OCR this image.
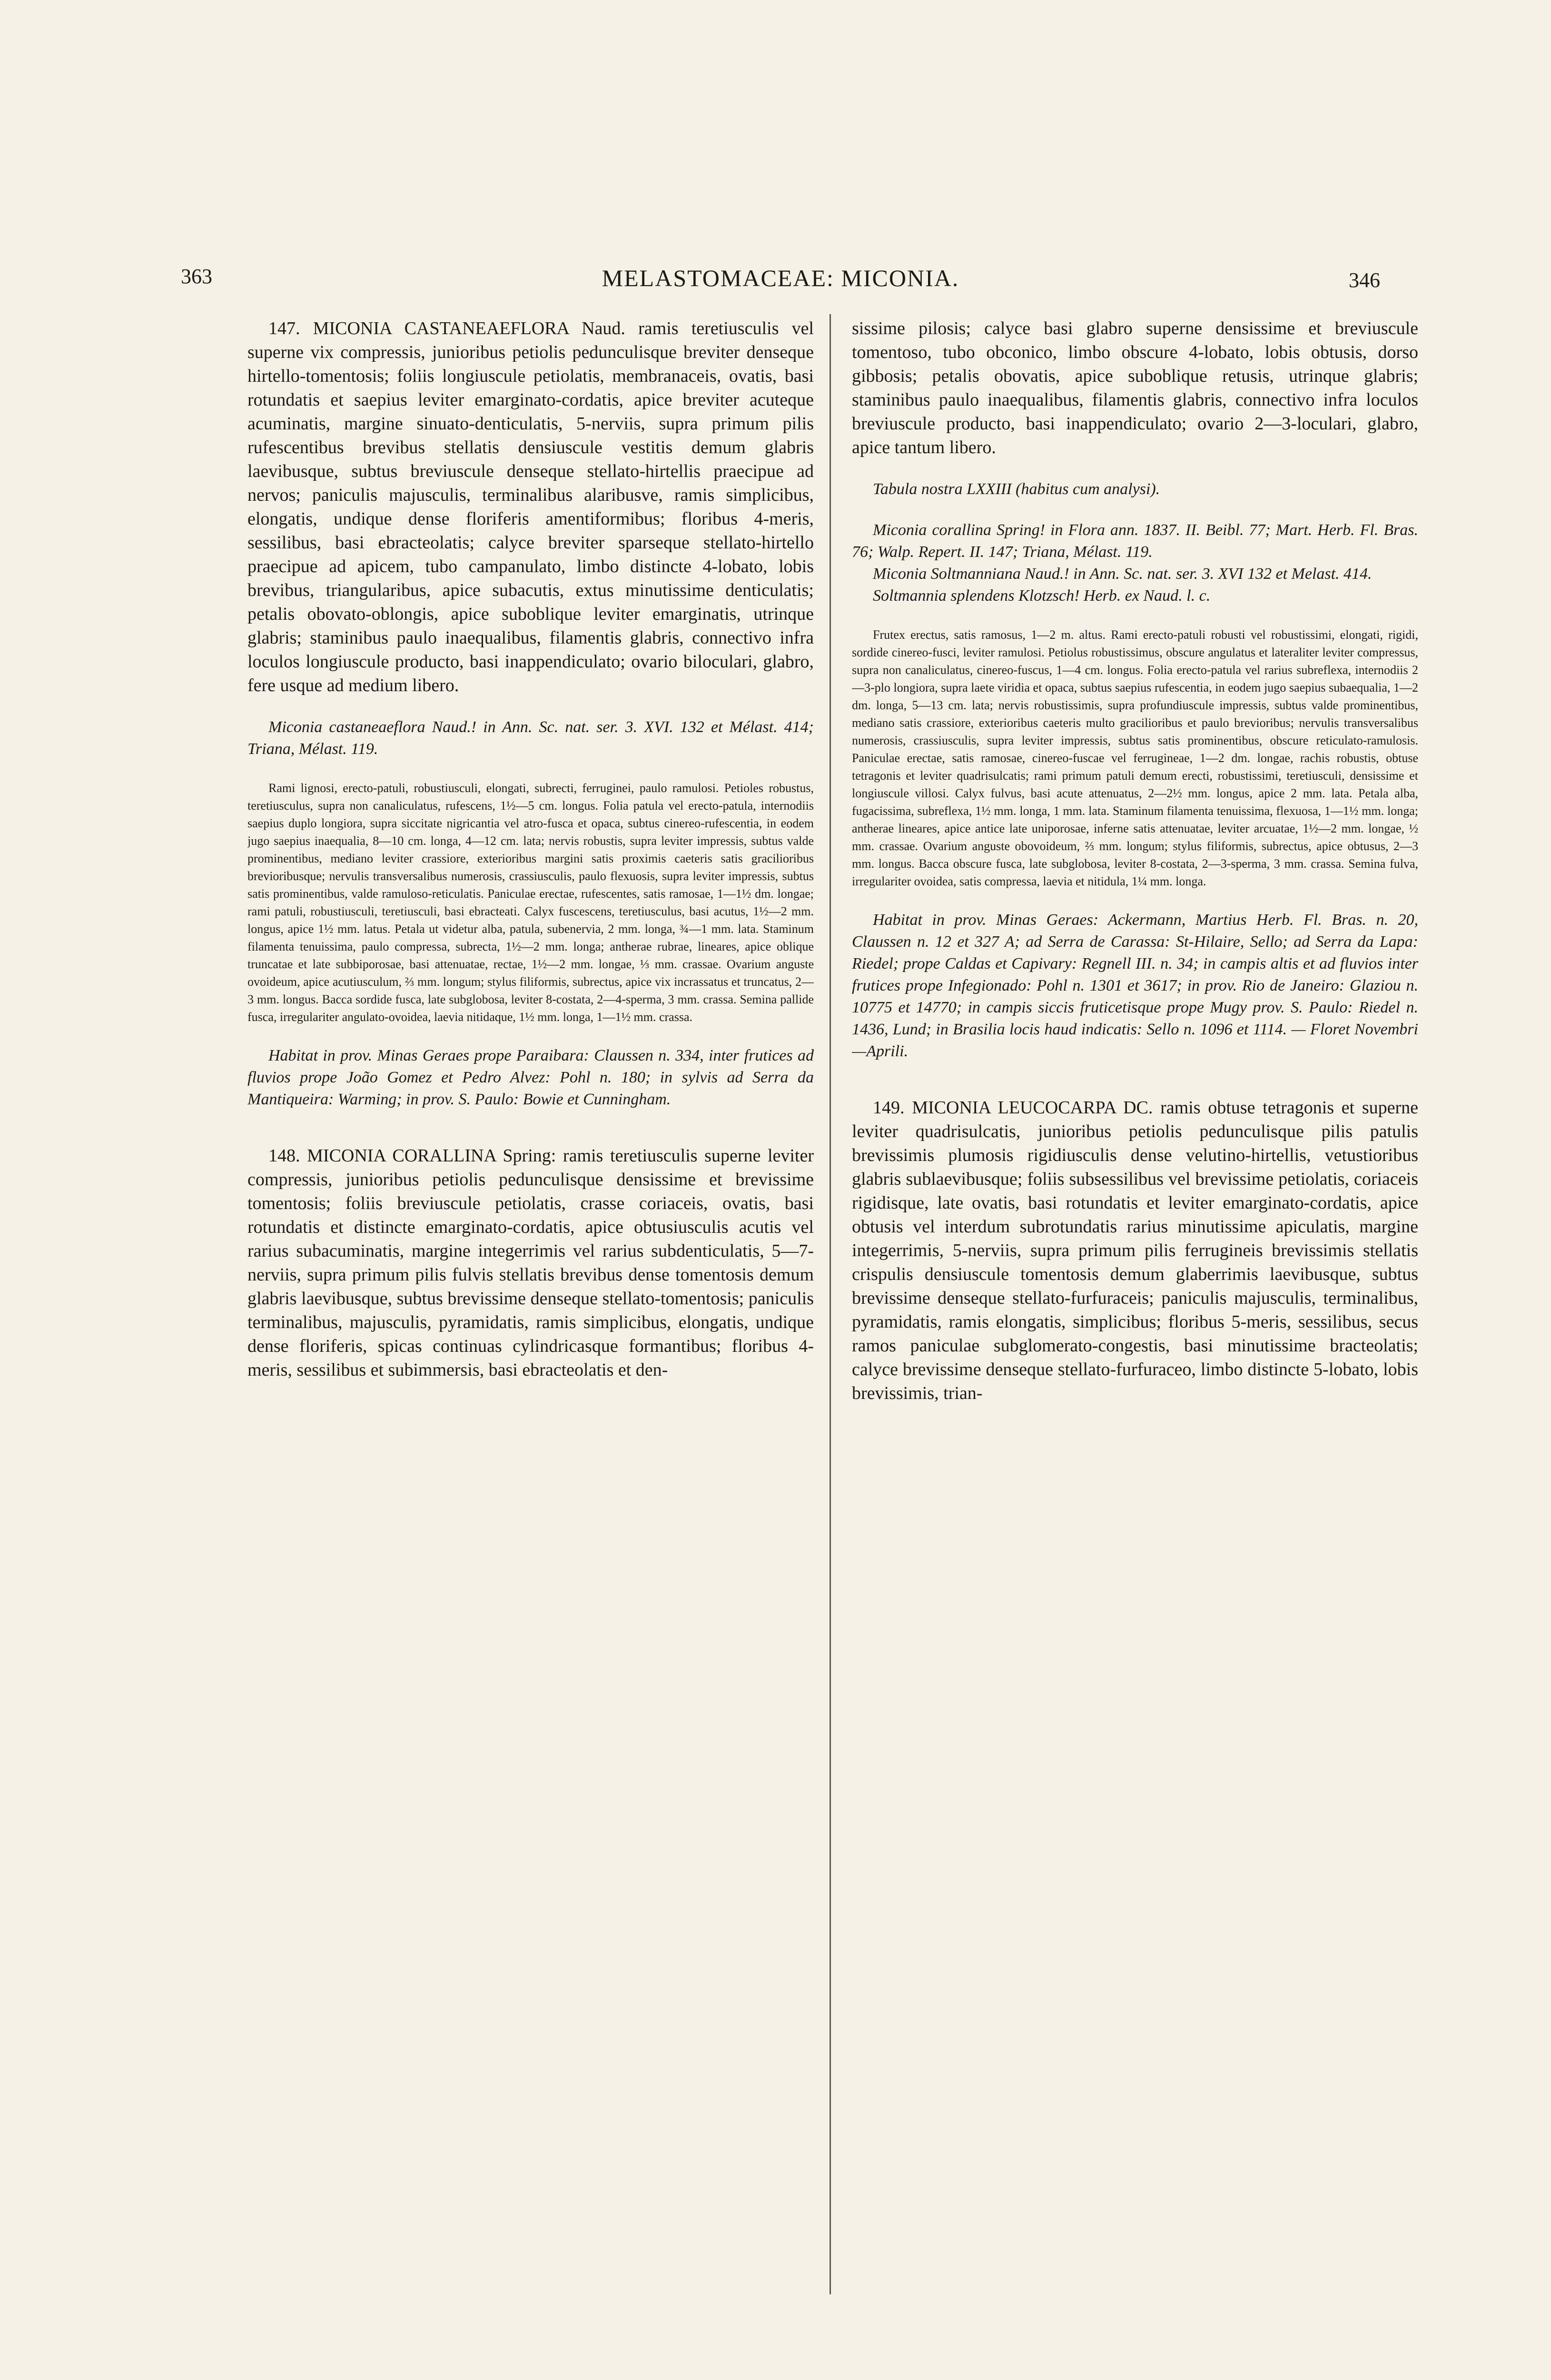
363	MELASTOMACEAE: MICONIA.	346

147. MICONIA CASTANEAEFLORA Naud. ramis teretiusculis vel superne vix compressis, junioribus petiolis pedunculisque breviter denseque hirtello-tomentosis; foliis longiuscule petiolatis, membranaceis, ovatis, basi rotundatis et saepius leviter emarginato-cordatis, apice breviter acuteque acuminatis, margine sinuato-denticulatis, 5-nerviis, supra primum pilis rufescentibus brevibus stellatis densiuscule vestitis demum glabris laevibusque, subtus breviuscule denseque stellato-hirtellis praecipue ad nervos; paniculis majusculis, terminalibus alaribusve, ramis simplicibus, elongatis, undique dense floriferis amentiformibus; floribus 4-meris, sessilibus, basi ebracteolatis; calyce breviter sparseque stellato-hirtello praecipue ad apicem, tubo campanulato, limbo distincte 4-lobato, lobis brevibus, triangularibus, apice subacutis, extus minutissime denticulatis; petalis obovato-oblongis, apice suboblique leviter emarginatis, utrinque glabris; staminibus paulo inaequalibus, filamentis glabris, connectivo infra loculos longiuscule producto, basi inappendiculato; ovario biloculari, glabro, fere usque ad medium libero.

Miconia castaneaeflora Naud.! in Ann. Sc. nat. ser. 3. XVI. 132 et Mélast. 414; Triana, Mélast. 119.

Rami lignosi, erecto-patuli, robustiusculi, elongati, subrecti, ferruginei, paulo ramulosi. Petioles robustus, teretiusculus, supra non canaliculatus, rufescens, 1½—5 cm. longus. Folia patula vel erecto-patula, internodiis saepius duplo longiora, supra siccitate nigricantia vel atro-fusca et opaca, subtus cinereo-rufescentia, in eodem jugo saepius inaequalia, 8—10 cm. longa, 4—12 cm. lata; nervis robustis, supra leviter impressis, subtus valde prominentibus, mediano leviter crassiore, exterioribus margini satis proximis caeteris satis gracilioribus brevioribusque; nervulis transversalibus numerosis, crassiusculis, paulo flexuosis, supra leviter impressis, subtus satis prominentibus, valde ramuloso-reticulatis. Paniculae erectae, rufescentes, satis ramosae, 1—1½ dm. longae; rami patuli, robustiusculi, teretiusculi, basi ebracteati. Calyx fuscescens, teretiusculus, basi acutus, 1½—2 mm. longus, apice 1½ mm. latus. Petala ut videtur alba, patula, subenervia, 2 mm. longa, ¾—1 mm. lata. Staminum filamenta tenuissima, paulo compressa, subrecta, 1½—2 mm. longa; antherae rubrae, lineares, apice oblique truncatae et late subbiporosae, basi attenuatae, rectae, 1½—2 mm. longae, ⅓ mm. crassae. Ovarium anguste ovoideum, apice acutiusculum, ⅔ mm. longum; stylus filiformis, subrectus, apice vix incrassatus et truncatus, 2—3 mm. longus. Bacca sordide fusca, late subglobosa, leviter 8-costata, 2—4-sperma, 3 mm. crassa. Semina pallide fusca, irregulariter angulato-ovoidea, laevia nitidaque, 1½ mm. longa, 1—1½ mm. crassa.

Habitat in prov. Minas Geraes prope Paraibara: Claussen n. 334, inter frutices ad fluvios prope João Gomez et Pedro Alvez: Pohl n. 180; in sylvis ad Serra da Mantiqueira: Warming; in prov. S. Paulo: Bowie et Cunningham.

148. MICONIA CORALLINA Spring: ramis teretiusculis superne leviter compressis, junioribus petiolis pedunculisque densissime et brevissime tomentosis; foliis breviuscule petiolatis, crasse coriaceis, ovatis, basi rotundatis et distincte emarginato-cordatis, apice obtusiusculis acutis vel rarius subacuminatis, margine integerrimis vel rarius subdenticulatis, 5—7-nerviis, supra primum pilis fulvis stellatis brevibus dense tomentosis demum glabris laevibusque, subtus brevissime denseque stellato-tomentosis; paniculis terminalibus, majusculis, pyramidatis, ramis simplicibus, elongatis, undique dense floriferis, spicas continuas cylindricasque formantibus; floribus 4-meris, sessilibus et subimmersis, basi ebracteolatis et den-

sissime pilosis; calyce basi glabro superne densissime et breviuscule tomentoso, tubo obconico, limbo obscure 4-lobato, lobis obtusis, dorso gibbosis; petalis obovatis, apice suboblique retusis, utrinque glabris; staminibus paulo inaequalibus, filamentis glabris, connectivo infra loculos breviuscule producto, basi inappendiculato; ovario 2—3-loculari, glabro, apice tantum libero.

Tabula nostra LXXIII (habitus cum analysi).

Miconia corallina Spring! in Flora ann. 1837. II. Beibl. 77; Mart. Herb. Fl. Bras. 76; Walp. Repert. II. 147; Triana, Mélast. 119.

Miconia Soltmanniana Naud.! in Ann. Sc. nat. ser. 3. XVI 132 et Melast. 414.

Soltmannia splendens Klotzsch! Herb. ex Naud. l. c.

Frutex erectus, satis ramosus, 1—2 m. altus. Rami erecto-patuli robusti vel robustissimi, elongati, rigidi, sordide cinereo-fusci, leviter ramulosi. Petiolus robustissimus, obscure angulatus et lateraliter leviter compressus, supra non canaliculatus, cinereo-fuscus, 1—4 cm. longus. Folia erecto-patula vel rarius subreflexa, internodiis 2—3-plo longiora, supra laete viridia et opaca, subtus saepius rufescentia, in eodem jugo saepius subaequalia, 1—2 dm. longa, 5—13 cm. lata; nervis robustissimis, supra profundiuscule impressis, subtus valde prominentibus, mediano satis crassiore, exterioribus caeteris multo gracilioribus et paulo brevioribus; nervulis transversalibus numerosis, crassiusculis, supra leviter impressis, subtus satis prominentibus, obscure reticulato-ramulosis. Paniculae erectae, satis ramosae, cinereo-fuscae vel ferrugineae, 1—2 dm. longae, rachis robustis, obtuse tetragonis et leviter quadrisulcatis; rami primum patuli demum erecti, robustissimi, teretiusculi, densissime et longiuscule villosi. Calyx fulvus, basi acute attenuatus, 2—2½ mm. longus, apice 2 mm. lata. Petala alba, fugacissima, subreflexa, 1½ mm. longa, 1 mm. lata. Staminum filamenta tenuissima, flexuosa, 1—1½ mm. longa; antherae lineares, apice antice late uniporosae, inferne satis attenuatae, leviter arcuatae, 1½—2 mm. longae, ½ mm. crassae. Ovarium anguste obovoideum, ⅔ mm. longum; stylus filiformis, subrectus, apice obtusus, 2—3 mm. longus. Bacca obscure fusca, late subglobosa, leviter 8-costata, 2—3-sperma, 3 mm. crassa. Semina fulva, irregulariter ovoidea, satis compressa, laevia et nitidula, 1¼ mm. longa.

Habitat in prov. Minas Geraes: Ackermann, Martius Herb. Fl. Bras. n. 20, Claussen n. 12 et 327 A; ad Serra de Carassa: St-Hilaire, Sello; ad Serra da Lapa: Riedel; prope Caldas et Capivary: Regnell III. n. 34; in campis altis et ad fluvios inter frutices prope Infegionado: Pohl n. 1301 et 3617; in prov. Rio de Janeiro: Glaziou n. 10775 et 14770; in campis siccis fruticetisque prope Mugy prov. S. Paulo: Riedel n. 1436, Lund; in Brasilia locis haud indicatis: Sello n. 1096 et 1114. — Floret Novembri—Aprili.

149. MICONIA LEUCOCARPA DC. ramis obtuse tetragonis et superne leviter quadrisulcatis, junioribus petiolis pedunculisque pilis patulis brevissimis plumosis rigidiusculis dense velutino-hirtellis, vetustioribus glabris sublaevibusque; foliis subsessilibus vel brevissime petiolatis, coriaceis rigidisque, late ovatis, basi rotundatis et leviter emarginato-cordatis, apice obtusis vel interdum subrotundatis rarius minutissime apiculatis, margine integerrimis, 5-nerviis, supra primum pilis ferrugineis brevissimis stellatis crispulis densiuscule tomentosis demum glaberrimis laevibusque, subtus brevissime denseque stellato-furfuraceis; paniculis majusculis, terminalibus, pyramidatis, ramis elongatis, simplicibus; floribus 5-meris, sessilibus, secus ramos paniculae subglomerato-congestis, basi minutissime bracteolatis; calyce brevissime denseque stellato-furfuraceo, limbo distincte 5-lobato, lobis brevissimis, trian-
